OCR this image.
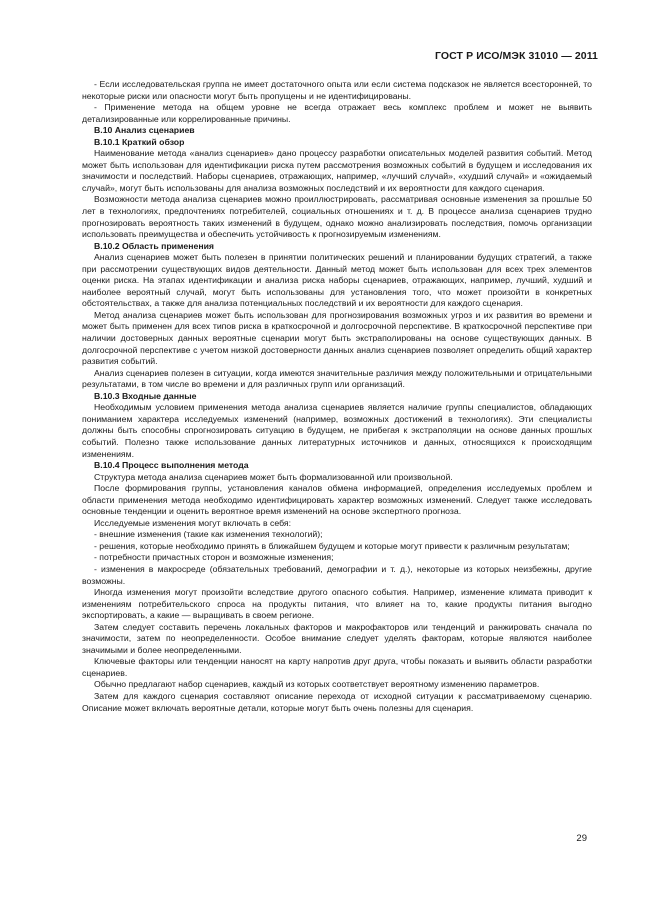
ГОСТ Р ИСО/МЭК 31010 — 2011

- Если исследовательская группа не имеет достаточного опыта или если система подсказок не является всесторонней, то некоторые риски или опасности могут быть пропущены и не идентифицированы.

- Применение метода на общем уровне не всегда отражает весь комплекс проблем и может не выявить детализированные или коррелированные причины.

В.10 Анализ сценариев

В.10.1 Краткий обзор

Наименование метода «анализ сценариев» дано процессу разработки описательных моделей развития событий. Метод может быть использован для идентификации риска путем рассмотрения возможных событий в будущем и исследования их значимости и последствий. Наборы сценариев, отражающих, например, «лучший случай», «худший случай» и «ожидаемый случай», могут быть использованы для анализа возможных последствий и их вероятности для каждого сценария.

Возможности метода анализа сценариев можно проиллюстрировать, рассматривая основные изменения за прошлые 50 лет в технологиях, предпочтениях потребителей, социальных отношениях и т. д. В процессе анализа сценариев трудно прогнозировать вероятность таких изменений в будущем, однако можно анализировать последствия, помочь организации использовать преимущества и обеспечить устойчивость к прогнозируемым изменениям.

В.10.2 Область применения

Анализ сценариев может быть полезен в принятии политических решений и планировании будущих стратегий, а также при рассмотрении существующих видов деятельности. Данный метод может быть использован для всех трех элементов оценки риска. На этапах идентификации и анализа риска наборы сценариев, отражающих, например, лучший, худший и наиболее вероятный случай, могут быть использованы для установления того, что может произойти в конкретных обстоятельствах, а также для анализа потенциальных последствий и их вероятности для каждого сценария.

Метод анализа сценариев может быть использован для прогнозирования возможных угроз и их развития во времени и может быть применен для всех типов риска в краткосрочной и долгосрочной перспективе. В краткосрочной перспективе при наличии достоверных данных вероятные сценарии могут быть экстраполированы на основе существующих данных. В долгосрочной перспективе с учетом низкой достоверности данных анализ сценариев позволяет определить общий характер развития событий.

Анализ сценариев полезен в ситуации, когда имеются значительные различия между положительными и отрицательными результатами, в том числе во времени и для различных групп или организаций.

В.10.3 Входные данные

Необходимым условием применения метода анализа сценариев является наличие группы специалистов, обладающих пониманием характера исследуемых изменений (например, возможных достижений в технологиях). Эти специалисты должны быть способны спрогнозировать ситуацию в будущем, не прибегая к экстраполяции на основе данных прошлых событий. Полезно также использование данных литературных источников и данных, относящихся к происходящим изменениям.

В.10.4 Процесс выполнения метода

Структура метода анализа сценариев может быть формализованной или произвольной.

После формирования группы, установления каналов обмена информацией, определения исследуемых проблем и области применения метода необходимо идентифицировать характер возможных изменений. Следует также исследовать основные тенденции и оценить вероятное время изменений на основе экспертного прогноза.

Исследуемые изменения могут включать в себя:

- внешние изменения (такие как изменения технологий);

- решения, которые необходимо принять в ближайшем будущем и которые могут привести к различным результатам;

- потребности причастных сторон и возможные изменения;

- изменения в макросреде (обязательных требований, демографии и т. д.), некоторые из которых неизбежны, другие возможны.

Иногда изменения могут произойти вследствие другого опасного события. Например, изменение климата приводит к изменениям потребительского спроса на продукты питания, что влияет на то, какие продукты питания выгодно экспортировать, а какие — выращивать в своем регионе.

Затем следует составить перечень локальных факторов и макрофакторов или тенденций и ранжировать сначала по значимости, затем по неопределенности. Особое внимание следует уделять факторам, которые являются наиболее значимыми и более неопределенными.

Ключевые факторы или тенденции наносят на карту напротив друг друга, чтобы показать и выявить области разработки сценариев.

Обычно предлагают набор сценариев, каждый из которых соответствует вероятному изменению параметров.

Затем для каждого сценария составляют описание перехода от исходной ситуации к рассматриваемому сценарию. Описание может включать вероятные детали, которые могут быть очень полезны для сценария.

29
